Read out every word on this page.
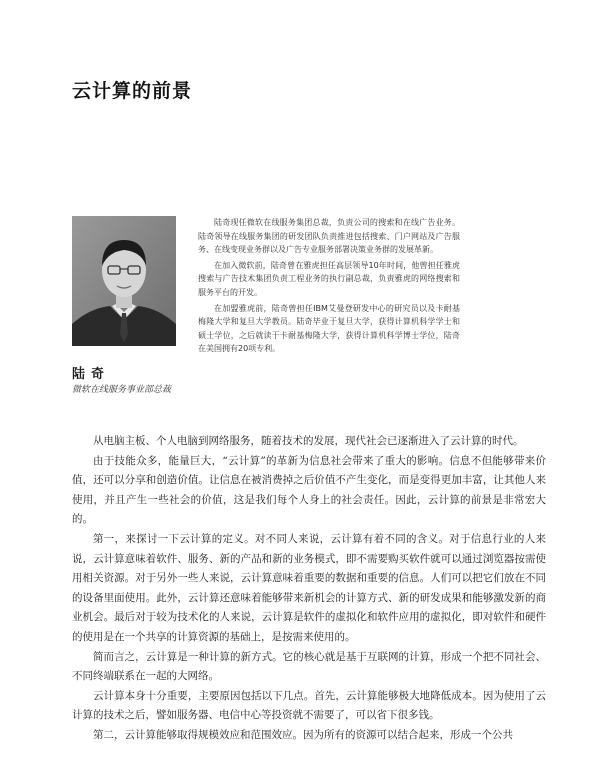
云计算的前景
陆奇
微软在线服务事业部总裁

陆奇现任微软在线服务集团总裁，负责公司的搜索和在线广告业务。陆奇领导在线服务集团的研发团队负责推进包括搜索、门户网站及广告服务、在线变现业务群以及广告专业服务部署决策业务群的发展革新。

在加入微软前，陆奇曾在雅虎担任高层领导10年时间，他曾担任雅虎搜索与广告技术集团负责工程业务的执行副总裁，负责雅虎的网络搜索和服务平台的开发。

在加盟雅虎前，陆奇曾担任IBM艾曼登研发中心的研究员以及卡耐基梅隆大学和复旦大学教员。陆奇毕业于复旦大学，获得计算机科学学士和硕士学位，之后就读于卡耐基梅隆大学，获得计算机科学博士学位，陆奇在美国拥有20项专利。

从电脑主板、个人电脑到网络服务，随着技术的发展，现代社会已逐渐进入了云计算的时代。

由于技能众多，能量巨大，“云计算”的革新为信息社会带来了重大的影响。信息不但能够带来价值，还可以分享和创造价值。让信息在被消费掉之后价值不产生变化，而是变得更加丰富，让其他人来使用，并且产生一些社会的价值，这是我们每个人身上的社会责任。因此，云计算的前景是非常宏大的。

第一，来探讨一下云计算的定义。对不同人来说，云计算有着不同的含义。对于信息行业的人来说，云计算意味着软件、服务、新的产品和新的业务模式，即不需要购买软件就可以通过浏览器按需使用相关资源。对于另外一些人来说，云计算意味着重要的数据和重要的信息。人们可以把它们放在不同的设备里面使用。此外，云计算还意味着能够带来新机会的计算方式、新的研发成果和能够激发新的商业机会。最后对于较为技术化的人来说，云计算是软件的虚拟化和软件应用的虚拟化，即对软件和硬件的使用是在一个共享的计算资源的基础上，是按需来使用的。

简而言之，云计算是一种计算的新方式。它的核心就是基于互联网的计算，形成一个把不同社会、不同终端联系在一起的大网络。

云计算本身十分重要，主要原因包括以下几点。首先，云计算能够极大地降低成本。因为使用了云计算的技术之后，譬如服务器、电信中心等投资就不需要了，可以省下很多钱。

第二，云计算能够取得规模效应和范围效应。因为所有的资源可以结合起来，形成一个公共
